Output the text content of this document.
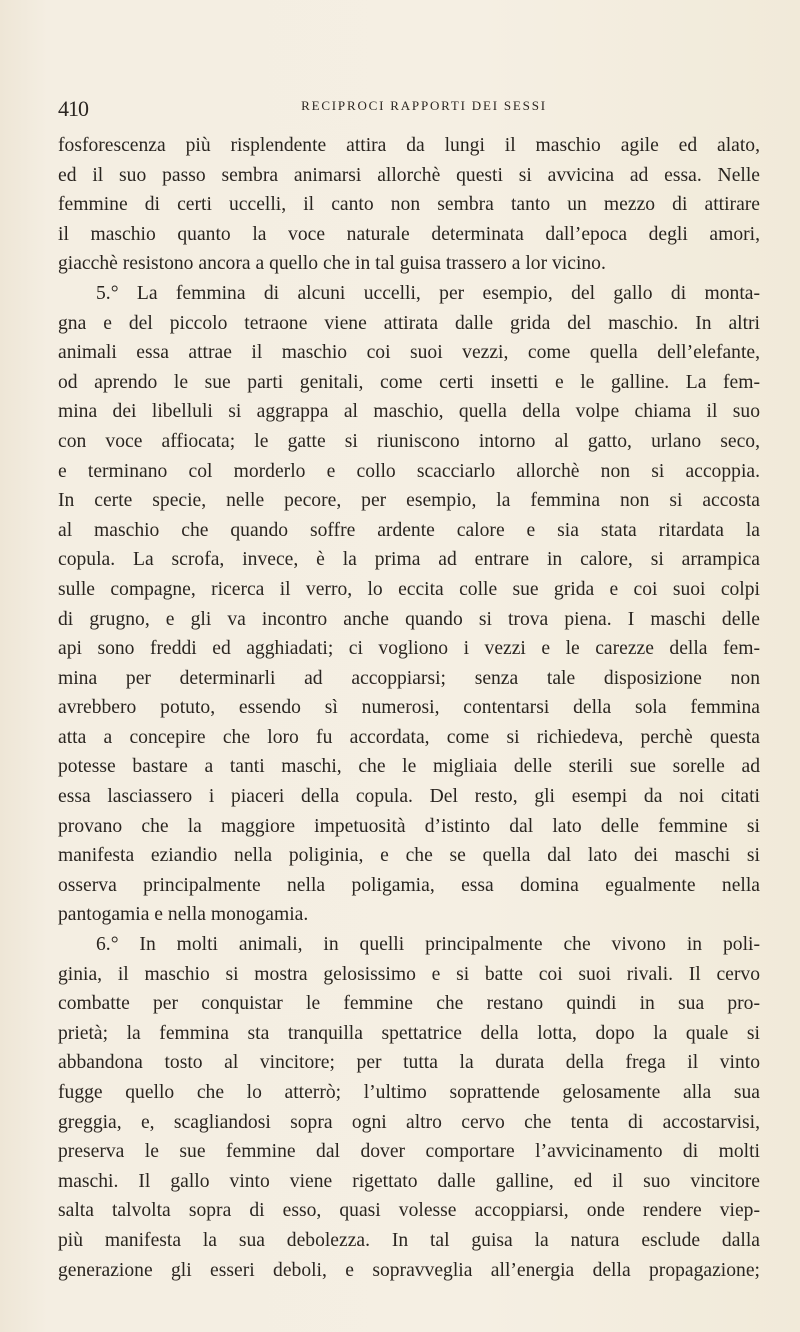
410	RECIPROCI RAPPORTI DEI SESSI
fosforescenza più risplendente attira da lungi il maschio agile ed alato,
ed il suo passo sembra animarsi allorchè questi si avvicina ad essa. Nelle
femmine di certi uccelli, il canto non sembra tanto un mezzo di attirare
il maschio quanto la voce naturale determinata dall’epoca degli amori,
giacchè resistono ancora a quello che in tal guisa trassero a lor vicino.
5.° La femmina di alcuni uccelli, per esempio, del gallo di monta-
gna e del piccolo tetraone viene attirata dalle grida del maschio. In altri
animali essa attrae il maschio coi suoi vezzi, come quella dell’elefante,
od aprendo le sue parti genitali, come certi insetti e le galline. La fem-
mina dei libelluli si aggrappa al maschio, quella della volpe chiama il suo
con voce affiocata; le gatte si riuniscono intorno al gatto, urlano seco,
e terminano col morderlo e collo scacciarlo allorchè non si accoppia.
In certe specie, nelle pecore, per esempio, la femmina non si accosta
al maschio che quando soffre ardente calore e sia stata ritardata la
copula. La scrofa, invece, è la prima ad entrare in calore, si arrampica
sulle compagne, ricerca il verro, lo eccita colle sue grida e coi suoi colpi
di grugno, e gli va incontro anche quando si trova piena. I maschi delle
api sono freddi ed agghiadati; ci vogliono i vezzi e le carezze della fem-
mina per determinarli ad accoppiarsi; senza tale disposizione non
avrebbero potuto, essendo sì numerosi, contentarsi della sola femmina
atta a concepire che loro fu accordata, come si richiedeva, perchè questa
potesse bastare a tanti maschi, che le migliaia delle sterili sue sorelle ad
essa lasciassero i piaceri della copula. Del resto, gli esempi da noi citati
provano che la maggiore impetuosità d’istinto dal lato delle femmine si
manifesta eziandio nella poliginia, e che se quella dal lato dei maschi si
osserva principalmente nella poligamia, essa domina egualmente nella
pantogamia e nella monogamia.
6.° In molti animali, in quelli principalmente che vivono in poli-
ginia, il maschio si mostra gelosissimo e si batte coi suoi rivali. Il cervo
combatte per conquistar le femmine che restano quindi in sua pro-
prietà; la femmina sta tranquilla spettatrice della lotta, dopo la quale si
abbandona tosto al vincitore; per tutta la durata della frega il vinto
fugge quello che lo atterrò; l’ultimo soprattende gelosamente alla sua
greggia, e, scagliandosi sopra ogni altro cervo che tenta di accostarvisi,
preserva le sue femmine dal dover comportare l’avvicinamento di molti
maschi. Il gallo vinto viene rigettato dalle galline, ed il suo vincitore
salta talvolta sopra di esso, quasi volesse accoppiarsi, onde rendere viep-
più manifesta la sua debolezza. In tal guisa la natura esclude dalla
generazione gli esseri deboli, e sopravveglia all’energia della propagazione;
